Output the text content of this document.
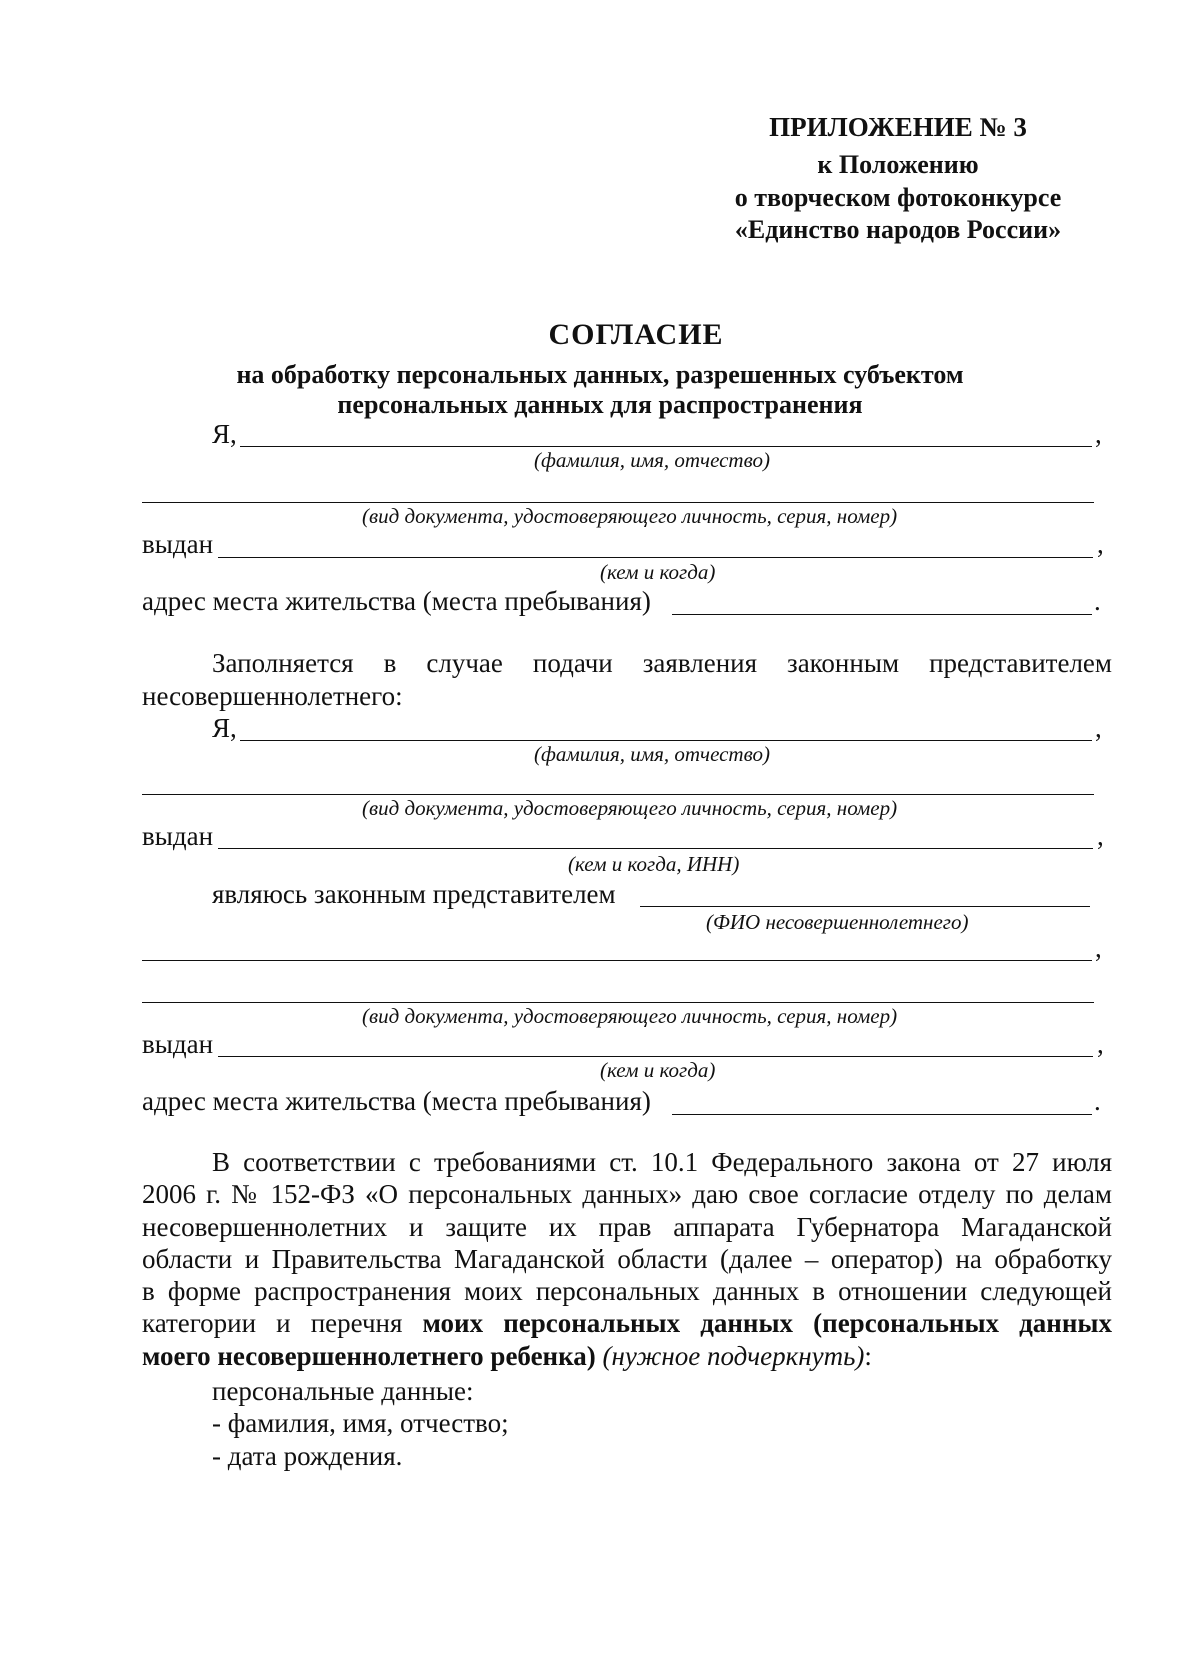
ПРИЛОЖЕНИЕ № 3
к Положению
о творческом фотоконкурсе
«Единство народов России»
СОГЛАСИЕ
на обработку персональных данных, разрешенных субъектом
персональных данных для распространения
Я,	,
(фамилия, имя, отчество)
(вид документа, удостоверяющего личность, серия, номер)
выдан	,
(кем и когда)
адрес места жительства (места пребывания)	.
Заполняется в случае подачи заявления законным представителем
несовершеннолетнего:
Я,	,
(фамилия, имя, отчество)
(вид документа, удостоверяющего личность, серия, номер)
выдан	,
(кем и когда, ИНН)
являюсь законным представителем
(ФИО несовершеннолетнего)
,
(вид документа, удостоверяющего личность, серия, номер)
выдан	,
(кем и когда)
адрес места жительства (места пребывания)	.
В соответствии с требованиями ст. 10.1 Федерального закона от 27 июля
2006 г. № 152-ФЗ «О персональных данных» даю свое согласие отделу по делам
несовершеннолетних и защите их прав аппарата Губернатора Магаданской
области и Правительства Магаданской области (далее – оператор) на обработку
в форме распространения моих персональных данных в отношении следующей
категории и перечня моих персональных данных (персональных данных
моего несовершеннолетнего ребенка) (нужное подчеркнуть):
персональные данные:
- фамилия, имя, отчество;
- дата рождения.
